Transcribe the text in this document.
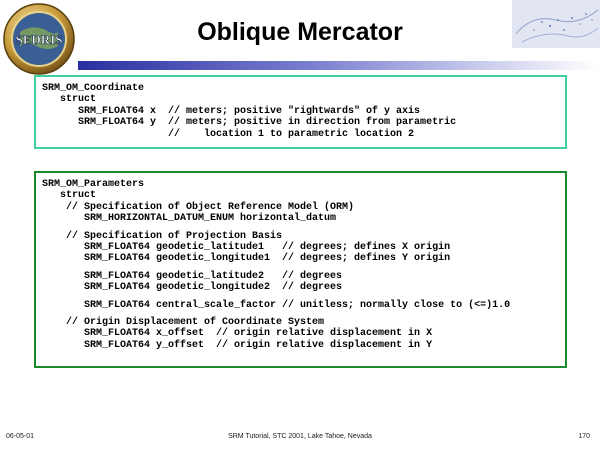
SEDRIS	Oblique Mercator
SRM_OM_Coordinate
struct
SRM_FLOAT64 x  // meters; positive "rightwards" of y axis
SRM_FLOAT64 y  // meters; positive in direction from parametric
//    location 1 to parametric location 2
SRM_OM_Parameters
struct
// Specification of Object Reference Model (ORM)
SRM_HORIZONTAL_DATUM_ENUM horizontal_datum
// Specification of Projection Basis
SRM_FLOAT64 geodetic_latitude1   // degrees; defines X origin
SRM_FLOAT64 geodetic_longitude1  // degrees; defines Y origin
SRM_FLOAT64 geodetic_latitude2   // degrees
SRM_FLOAT64 geodetic_longitude2  // degrees
SRM_FLOAT64 central_scale_factor // unitless; normally close to (<=)1.0
// Origin Displacement of Coordinate System
SRM_FLOAT64 x_offset  // origin relative displacement in X
SRM_FLOAT64 y_offset  // origin relative displacement in Y
06-05-01	SRM Tutorial, STC 2001, Lake Tahoe, Nevada	170
